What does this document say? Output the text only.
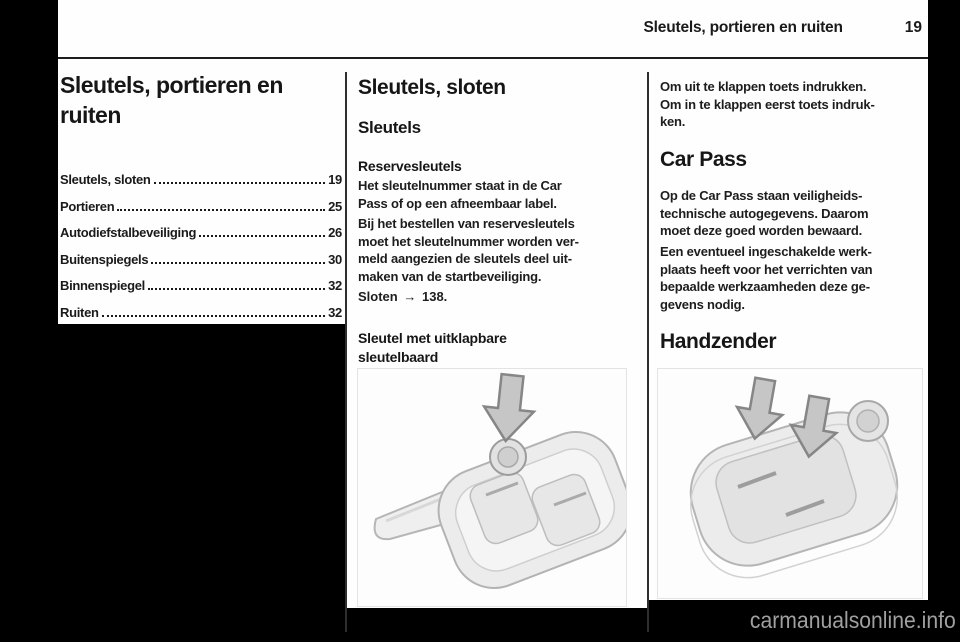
Sleutels, portieren en ruiten	19
Sleutels, portieren en
ruiten
Sleutels, sloten	19
Portieren	25
Autodiefstalbeveiliging	26
Buitenspiegels	30
Binnenspiegel	32
Ruiten	32
Sleutels, sloten
Sleutels
Reservesleutels
Het sleutelnummer staat in de Car
Pass of op een afneembaar label.
Bij het bestellen van reservesleutels
moet het sleutelnummer worden ver-
meld aangezien de sleutels deel uit-
maken van de startbeveiliging.
Sloten → 138.
Sleutel met uitklapbare
sleutelbaard
Om uit te klappen toets indrukken.
Om in te klappen eerst toets indruk-
ken.
Car Pass
Op de Car Pass staan veiligheids-
technische autogegevens. Daarom
moet deze goed worden bewaard.
Een eventueel ingeschakelde werk-
plaats heeft voor het verrichten van
bepaalde werkzaamheden deze ge-
gevens nodig.
Handzender
carmanualsonline.info
